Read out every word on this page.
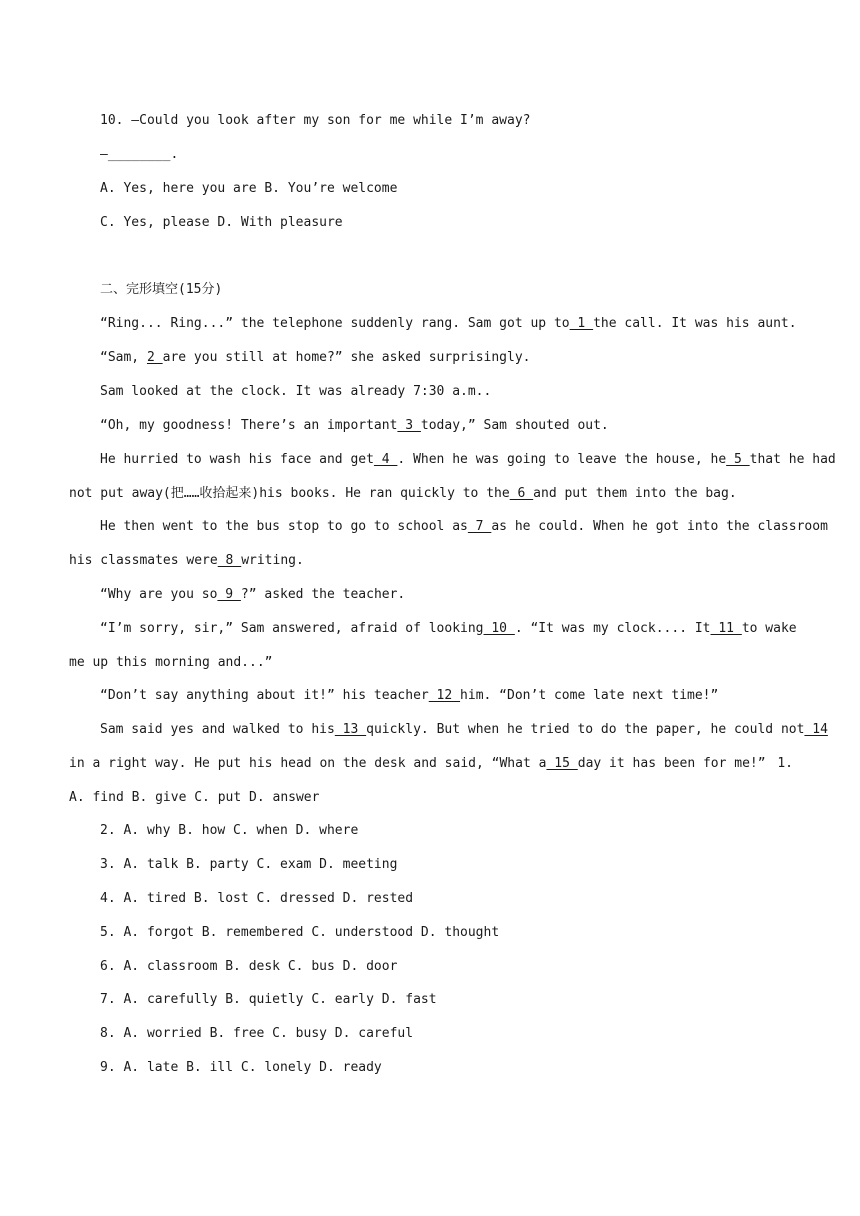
10. —Could you look after my son for me while I’m away?
—________.
A. Yes, here you are B. You’re welcome
C. Yes, please D. With pleasure
二、完形填空(15分)
“Ring... Ring...” the telephone suddenly rang. Sam got up to 1 the call. It was his aunt.
“Sam, 2 are you still at home?” she asked surprisingly.
Sam looked at the clock. It was already 7:30 a.m..
“Oh, my goodness! There’s an important 3 today,” Sam shouted out.
He hurried to wash his face and get 4 . When he was going to leave the house, he 5 that he had
not put away(把……收拾起来)his books. He ran quickly to the 6 and put them into the bag.
He then went to the bus stop to go to school as 7 as he could. When he got into the classroom
his classmates were 8 writing.
“Why are you so 9 ?” asked the teacher.
“I’m sorry, sir,” Sam answered, afraid of looking 10 . “It was my clock.... It 11 to wake
me up this morning and...”
“Don’t say anything about it!” his teacher 12 him. “Don’t come late next time!”
Sam said yes and walked to his 13 quickly. But when he tried to do the paper, he could not 14
in a right way. He put his head on the desk and said, “What a 15 day it has been for me!” 1.
A. find B. give C. put D. answer
2. A. why B. how C. when D. where
3. A. talk B. party C. exam D. meeting
4. A. tired B. lost C. dressed D. rested
5. A. forgot B. remembered C. understood D. thought
6. A. classroom B. desk C. bus D. door
7. A. carefully B. quietly C. early D. fast
8. A. worried B. free C. busy D. careful
9. A. late B. ill C. lonely D. ready
